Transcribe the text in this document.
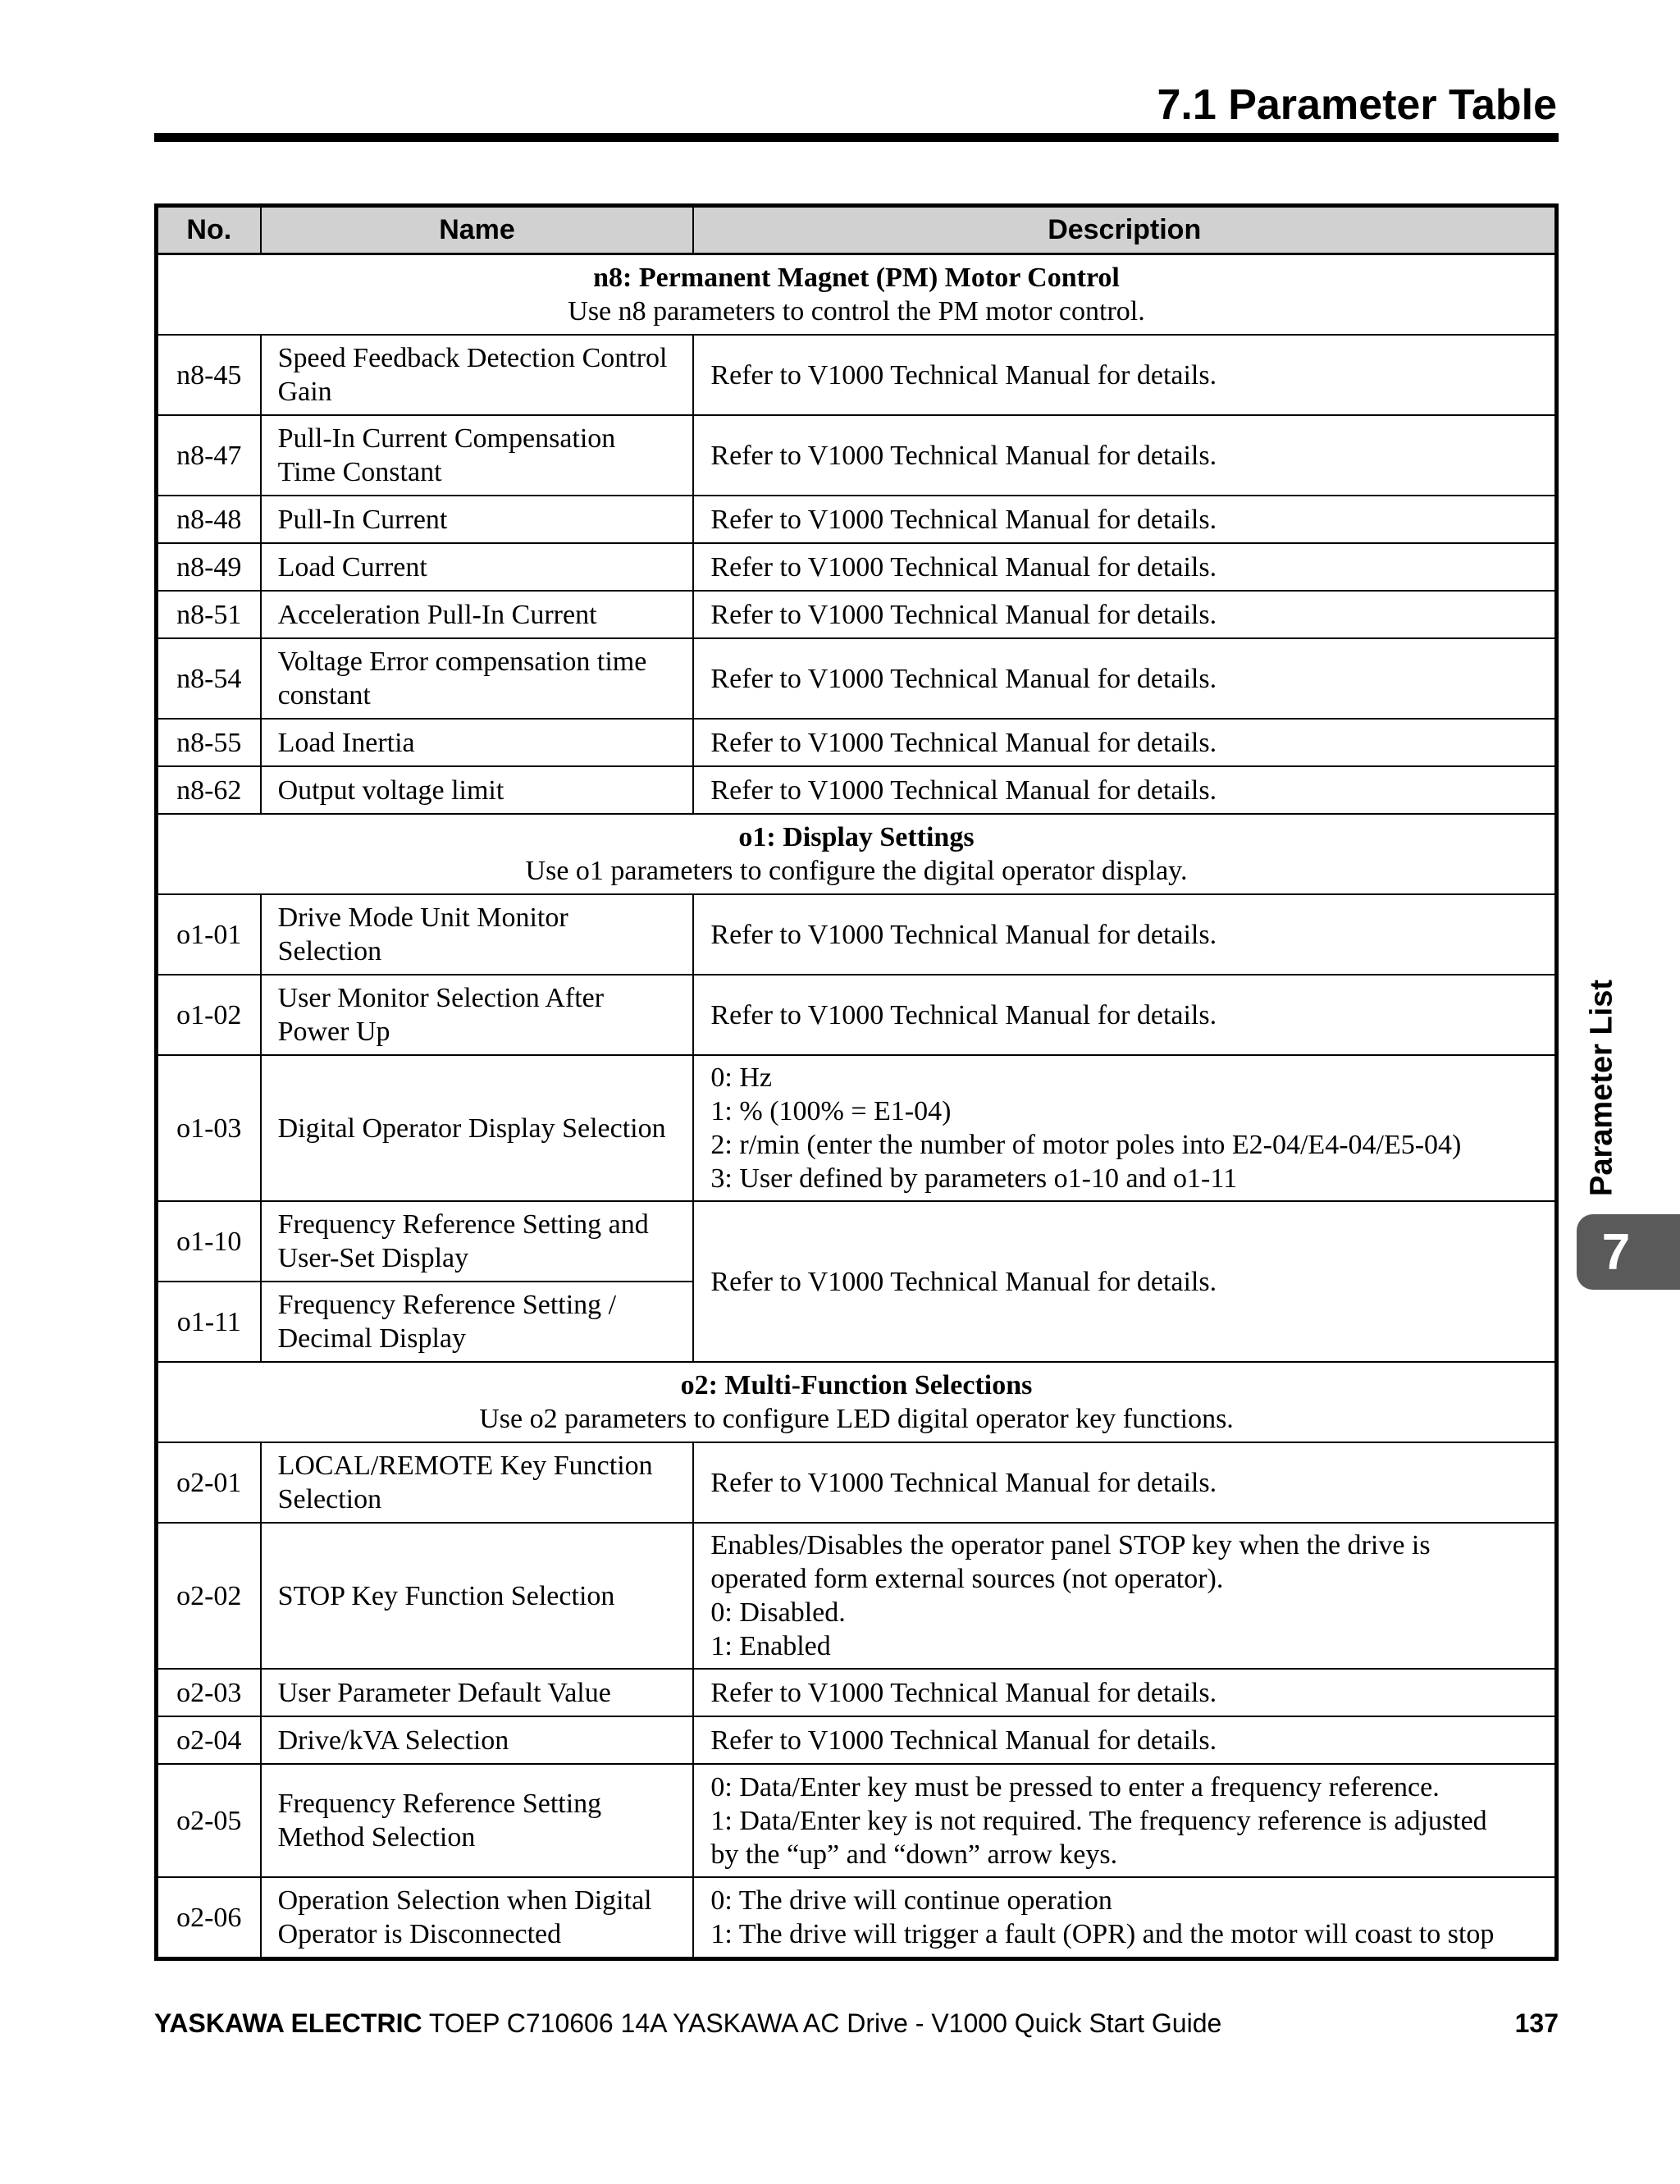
7.1 Parameter Table
No.	Name	Description

n8: Permanent Magnet (PM) Motor Control
Use n8 parameters to control the PM motor control.		

n8-45	Speed Feedback Detection Control
Gain	Refer to V1000 Technical Manual for details.
n8-47	Pull-In Current Compensation
Time Constant	Refer to V1000 Technical Manual for details.
n8-48	Pull-In Current	Refer to V1000 Technical Manual for details.
n8-49	Load Current	Refer to V1000 Technical Manual for details.
n8-51	Acceleration Pull-In Current	Refer to V1000 Technical Manual for details.
n8-54	Voltage Error compensation time
constant	Refer to V1000 Technical Manual for details.
n8-55	Load Inertia	Refer to V1000 Technical Manual for details.
n8-62	Output voltage limit	Refer to V1000 Technical Manual for details.

o1: Display Settings
Use o1 parameters to configure the digital operator display.		

o1-01	Drive Mode Unit Monitor
Selection	Refer to V1000 Technical Manual for details.
o1-02	User Monitor Selection After
Power Up	Refer to V1000 Technical Manual for details.
o1-03	Digital Operator Display Selection	0: Hz
1: % (100% = E1-04)
2: r/min (enter the number of motor poles into E2-04/E4-04/E5-04)
3: User defined by parameters o1-10 and o1-11

o1-10	Frequency Reference Setting and
User-Set Display	Refer to V1000 Technical Manual for details.
o1-11	Frequency Reference Setting /
Decimal Display	

o2: Multi-Function Selections
Use o2 parameters to configure LED digital operator key functions.		

o2-01	LOCAL/REMOTE Key Function
Selection	Refer to V1000 Technical Manual for details.
o2-02	STOP Key Function Selection	Enables/Disables the operator panel STOP key when the drive is
operated form external sources (not operator).
0: Disabled.
1: Enabled

o2-03	User Parameter Default Value	Refer to V1000 Technical Manual for details.
o2-04	Drive/kVA Selection	Refer to V1000 Technical Manual for details.
o2-05	Frequency Reference Setting
Method Selection	0: Data/Enter key must be pressed to enter a frequency reference.
1: Data/Enter key is not required. The frequency reference is adjusted
by the “up” and “down” arrow keys.

o2-06	Operation Selection when Digital
Operator is Disconnected	0: The drive will continue operation
1: The drive will trigger a fault (OPR) and the motor will coast to stop
Parameter List
7
YASKAWA ELECTRIC TOEP C710606 14A YASKAWA AC Drive - V1000 Quick Start Guide	137
